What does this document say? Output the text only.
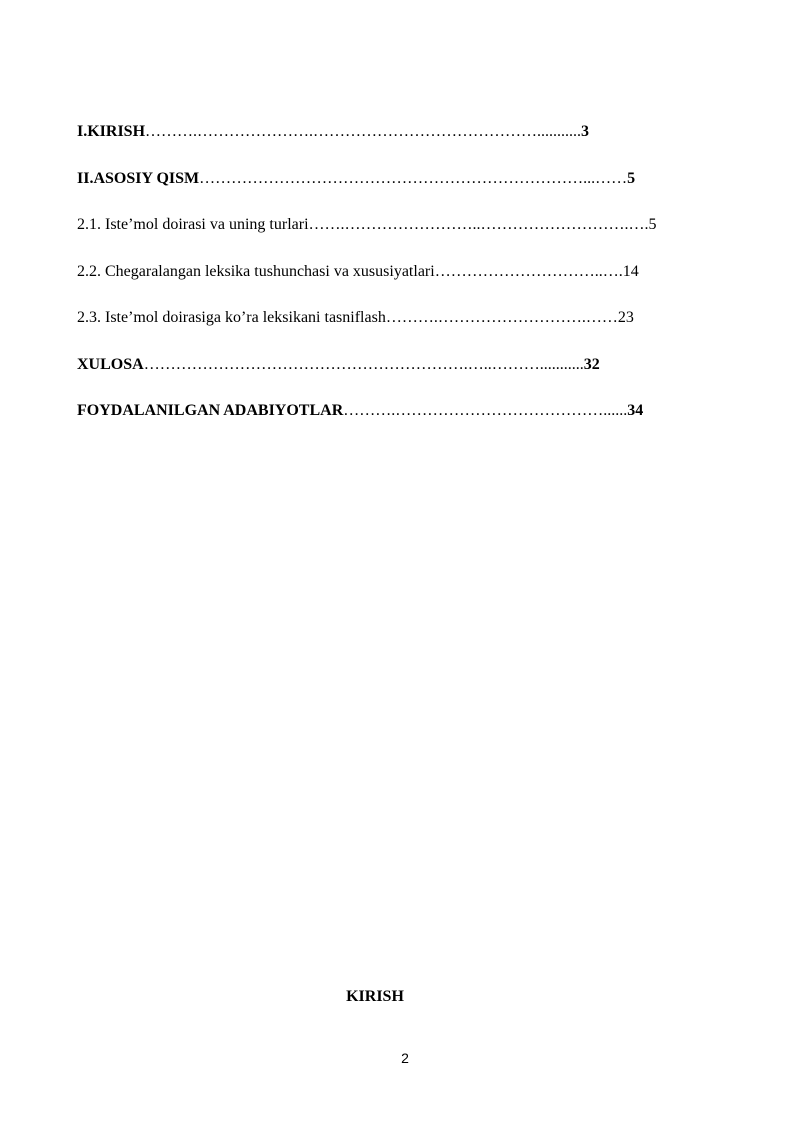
I.KIRISH……….………………….……………………………………...........3
II.ASOSIY QISM………………………………………………………………...……5
2.1. Iste’mol doirasi va uning turlari…….……………………..……………………….….5
2.2. Chegaralangan leksika tushunchasi va xususiyatlari…………………………..….14
2.3. Iste’mol doirasiga ko’ra leksikani tasniflash……….……………………….……23
XULOSA…………………………………………………….…..………...........32
FOYDALANILGAN ADABIYOTLAR……….…………………………………......34
KIRISH
2
